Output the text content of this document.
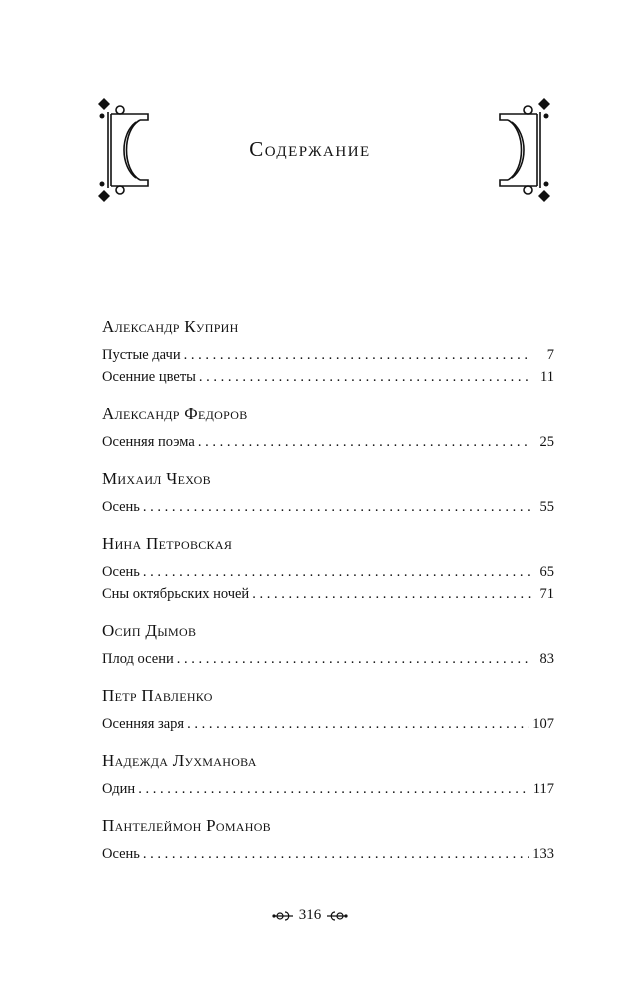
Содержание
Александр Куприн
Пустые дачи . . .	7
Осенние цветы . . .	11
Александр Федоров
Осенняя поэма . . .	25
Михаил Чехов
Осень . . .	55
Нина Петровская
Осень . . .	65
Сны октябрьских ночей . . .	71
Осип Дымов
Плод осени . . .	83
Петр Павленко
Осенняя заря . . .	107
Надежда Лухманова
Один . . .	117
Пантелеймон Романов
Осень . . .	133
316
